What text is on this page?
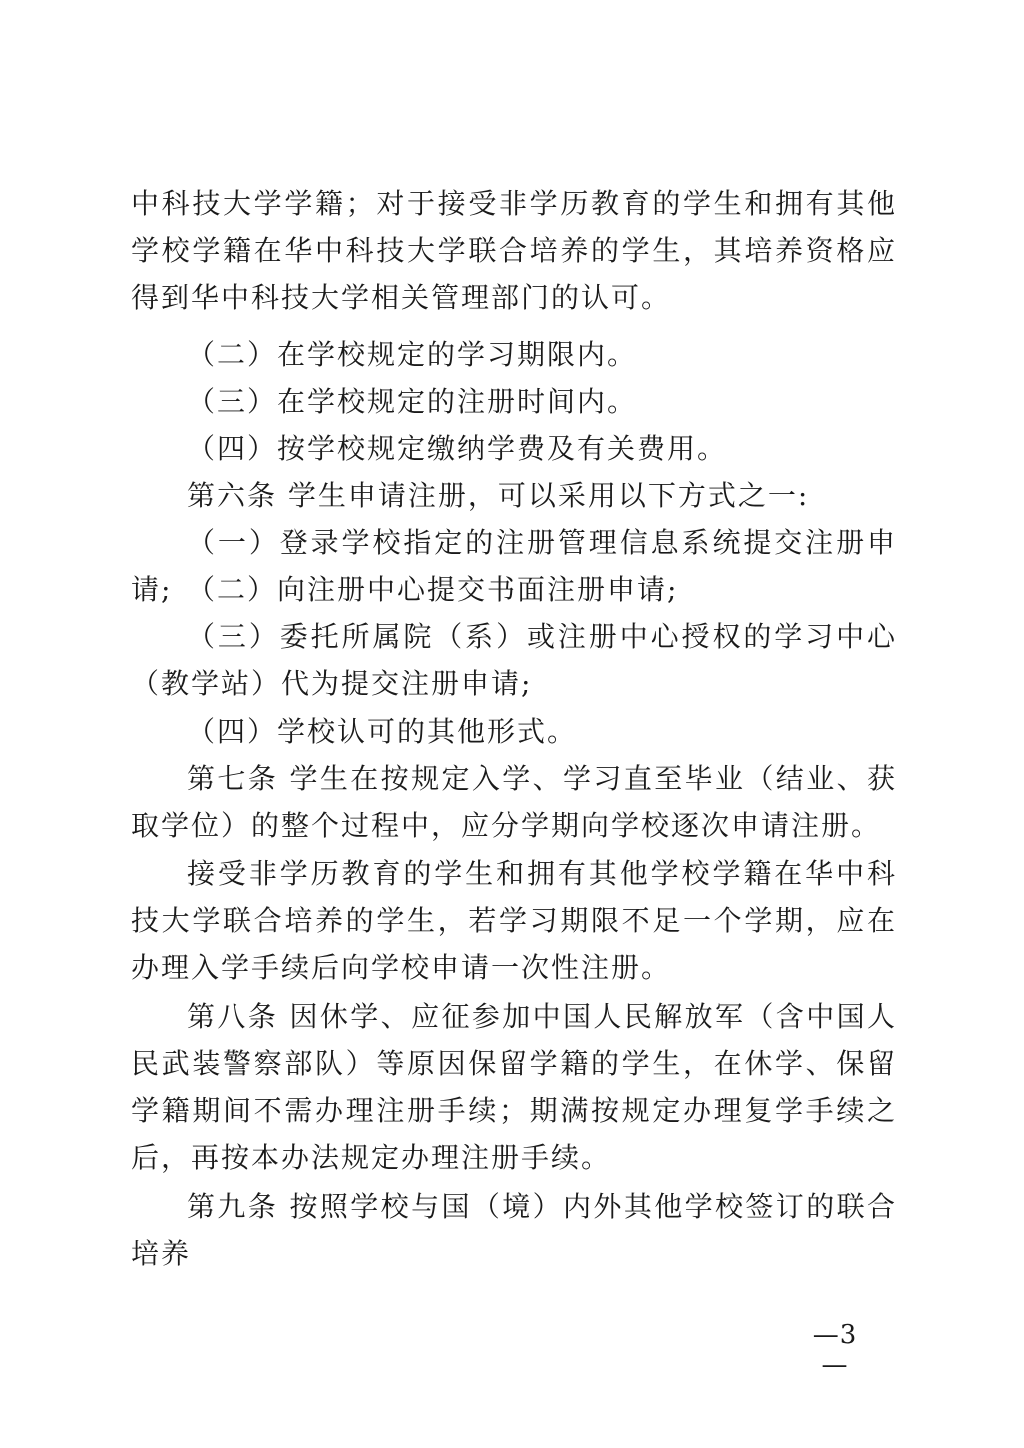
中科技大学学籍；对于接受非学历教育的学生和拥有其他学校学籍在华中科技大学联合培养的学生，其培养资格应得到华中科技大学相关管理部门的认可。

（二）在学校规定的学习期限内。

（三）在学校规定的注册时间内。

（四）按学校规定缴纳学费及有关费用。

第六条 学生申请注册，可以采用以下方式之一:

（一）登录学校指定的注册管理信息系统提交注册申请; （二）向注册中心提交书面注册申请;

（三）委托所属院（系）或注册中心授权的学习中心（教学站）代为提交注册申请;

（四）学校认可的其他形式。

第七条 学生在按规定入学、学习直至毕业（结业、获取学位）的整个过程中，应分学期向学校逐次申请注册。

接受非学历教育的学生和拥有其他学校学籍在华中科技大学联合培养的学生，若学习期限不足一个学期，应在办理入学手续后向学校申请一次性注册。

第八条 因休学、应征参加中国人民解放军（含中国人民武装警察部队）等原因保留学籍的学生，在休学、保留学籍期间不需办理注册手续；期满按规定办理复学手续之后，再按本办法规定办理注册手续。

第九条 按照学校与国（境）内外其他学校签订的联合培养

—3—
